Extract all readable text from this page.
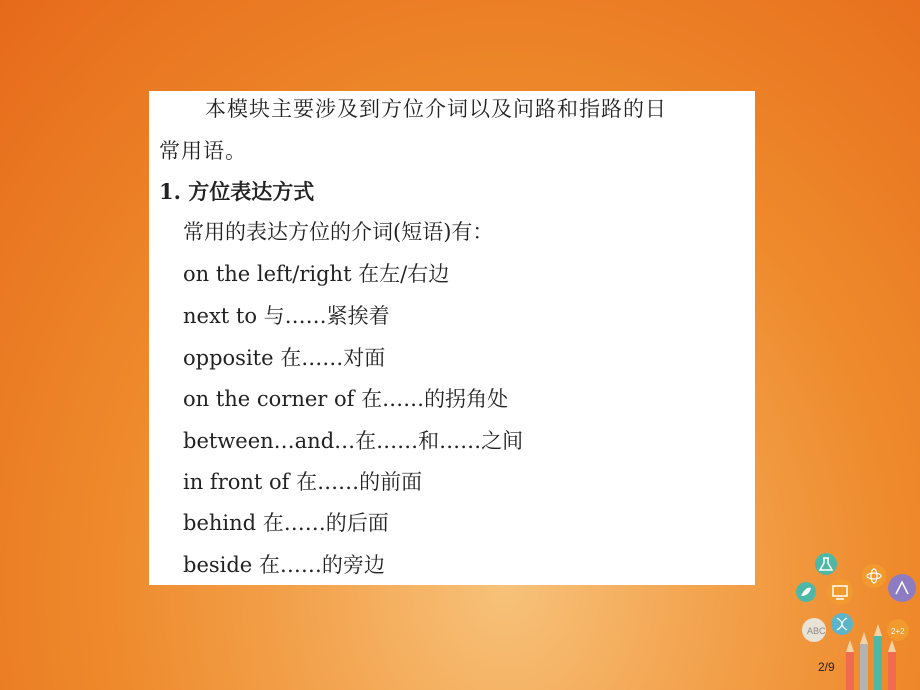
本模块主要涉及到方位介词以及问路和指路的日
常用语。
1. 方位表达方式
常用的表达方位的介词(短语)有：
on the left/right 在左/右边
next to 与……紧挨着
opposite 在……对面
on the corner of 在……的拐角处
between…and…在……和……之间
in front of 在……的前面
behind 在……的后面
beside 在……的旁边
ABC	2+2
2/9
